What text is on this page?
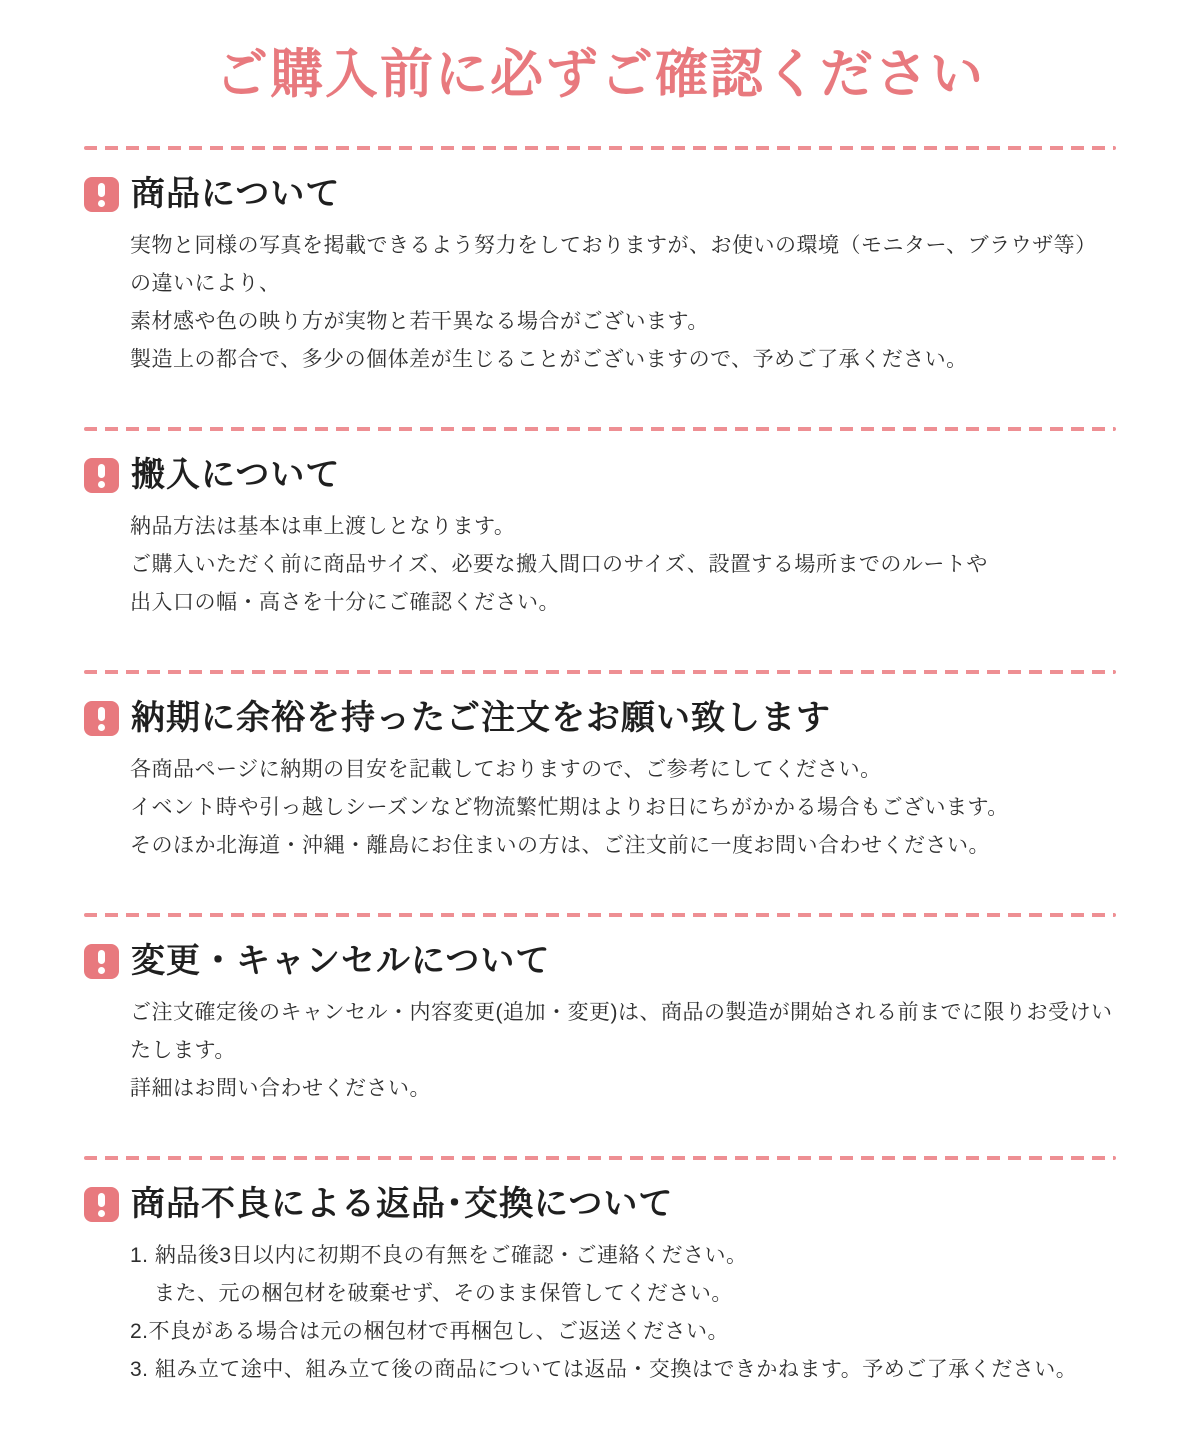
ご購入前に必ずご確認ください
商品について

実物と同様の写真を掲載できるよう努力をしておりますが、お使いの環境（モニター、ブラウザ等）の違いにより、

素材感や色の映り方が実物と若干異なる場合がございます。

製造上の都合で、多少の個体差が生じることがございますので、予めご了承ください。

搬入について

納品方法は基本は車上渡しとなります。

ご購入いただく前に商品サイズ、必要な搬入間口のサイズ、設置する場所までのルートや

出入口の幅・高さを十分にご確認ください。

納期に余裕を持ったご注文をお願い致します

各商品ページに納期の目安を記載しておりますので、ご参考にしてください。

イベント時や引っ越しシーズンなど物流繁忙期はよりお日にちがかかる場合もございます。

そのほか北海道・沖縄・離島にお住まいの方は、ご注文前に一度お問い合わせください。

変更・キャンセルについて

ご注文確定後のキャンセル・内容変更(追加・変更)は、商品の製造が開始される前までに限りお受けいたします。

詳細はお問い合わせください。

商品不良による返品･交換について

1. 納品後3日以内に初期不良の有無をご確認・ご連絡ください。

また、元の梱包材を破棄せず、そのまま保管してください。

2.不良がある場合は元の梱包材で再梱包し、ご返送ください。

3. 組み立て途中、組み立て後の商品については返品・交換はできかねます。予めご了承ください。
